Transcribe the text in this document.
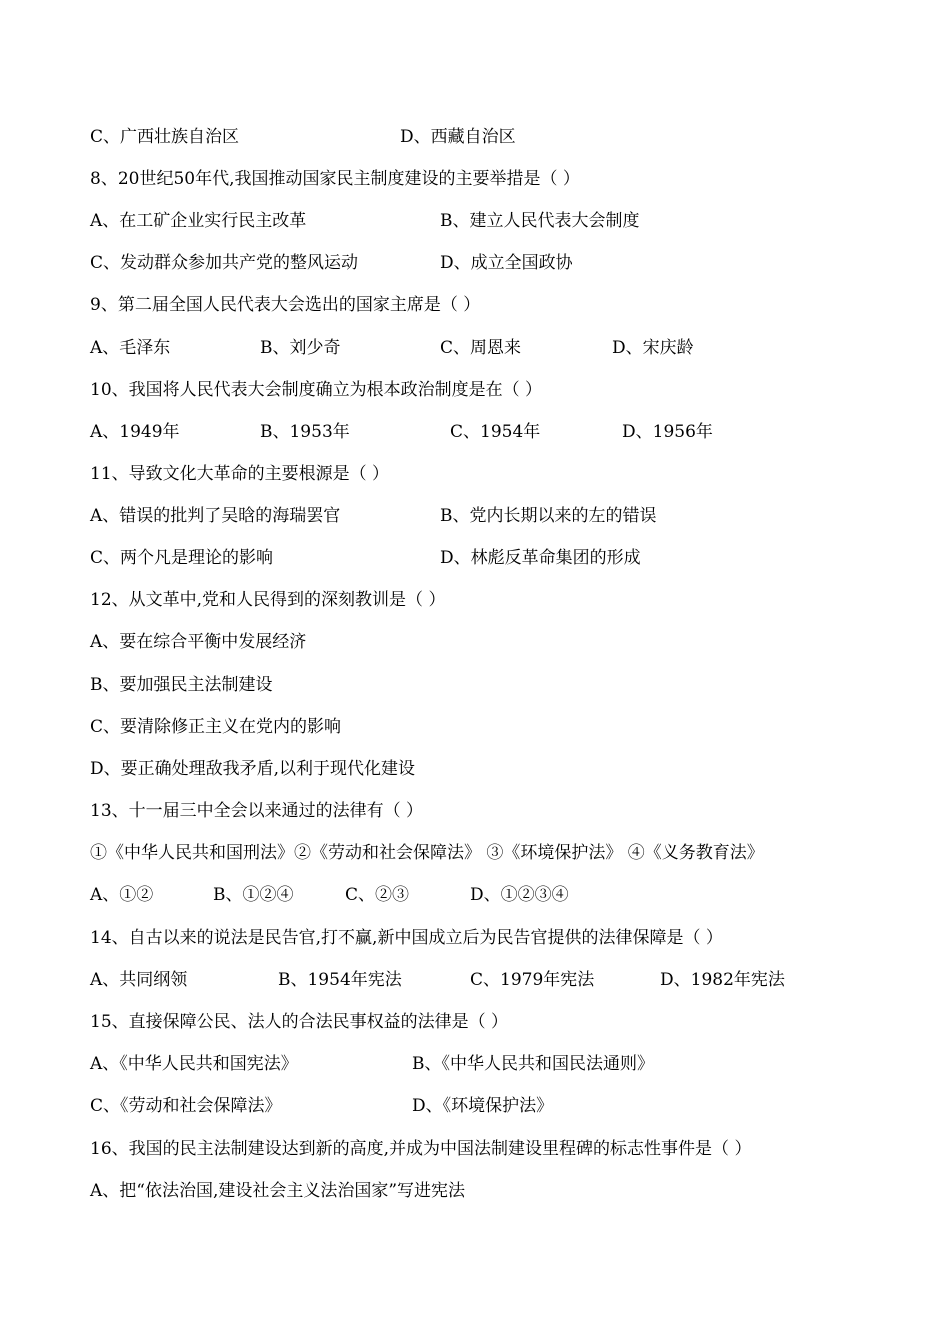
C、广西壮族自治区	D、西藏自治区
8、20世纪50年代,我国推动国家民主制度建设的主要举措是（ ）
A、在工矿企业实行民主改革	B、建立人民代表大会制度
C、发动群众参加共产党的整风运动	D、成立全国政协
9、第二届全国人民代表大会选出的国家主席是（ ）
A、毛泽东	B、刘少奇	C、周恩来	D、宋庆龄
10、我国将人民代表大会制度确立为根本政治制度是在（ ）
A、1949年	B、1953年	C、1954年	D、1956年
11、导致文化大革命的主要根源是（ ）
A、错误的批判了吴晗的海瑞罢官	B、党内长期以来的左的错误
C、两个凡是理论的影响	D、林彪反革命集团的形成
12、从文革中,党和人民得到的深刻教训是（ ）
A、要在综合平衡中发展经济
B、要加强民主法制建设
C、要清除修正主义在党内的影响
D、要正确处理敌我矛盾,以利于现代化建设
13、十一届三中全会以来通过的法律有（ ）
①《中华人民共和国刑法》②《劳动和社会保障法》 ③《环境保护法》 ④《义务教育法》
A、①②	B、①②④	C、②③	D、①②③④
14、自古以来的说法是民告官,打不赢,新中国成立后为民告官提供的法律保障是（ ）
A、共同纲领	B、1954年宪法	C、1979年宪法	D、1982年宪法
15、直接保障公民、法人的合法民事权益的法律是（ ）
A、《中华人民共和国宪法》	B、《中华人民共和国民法通则》
C、《劳动和社会保障法》	D、《环境保护法》
16、我国的民主法制建设达到新的高度,并成为中国法制建设里程碑的标志性事件是（ ）
A、把“依法治国,建设社会主义法治国家”写进宪法
